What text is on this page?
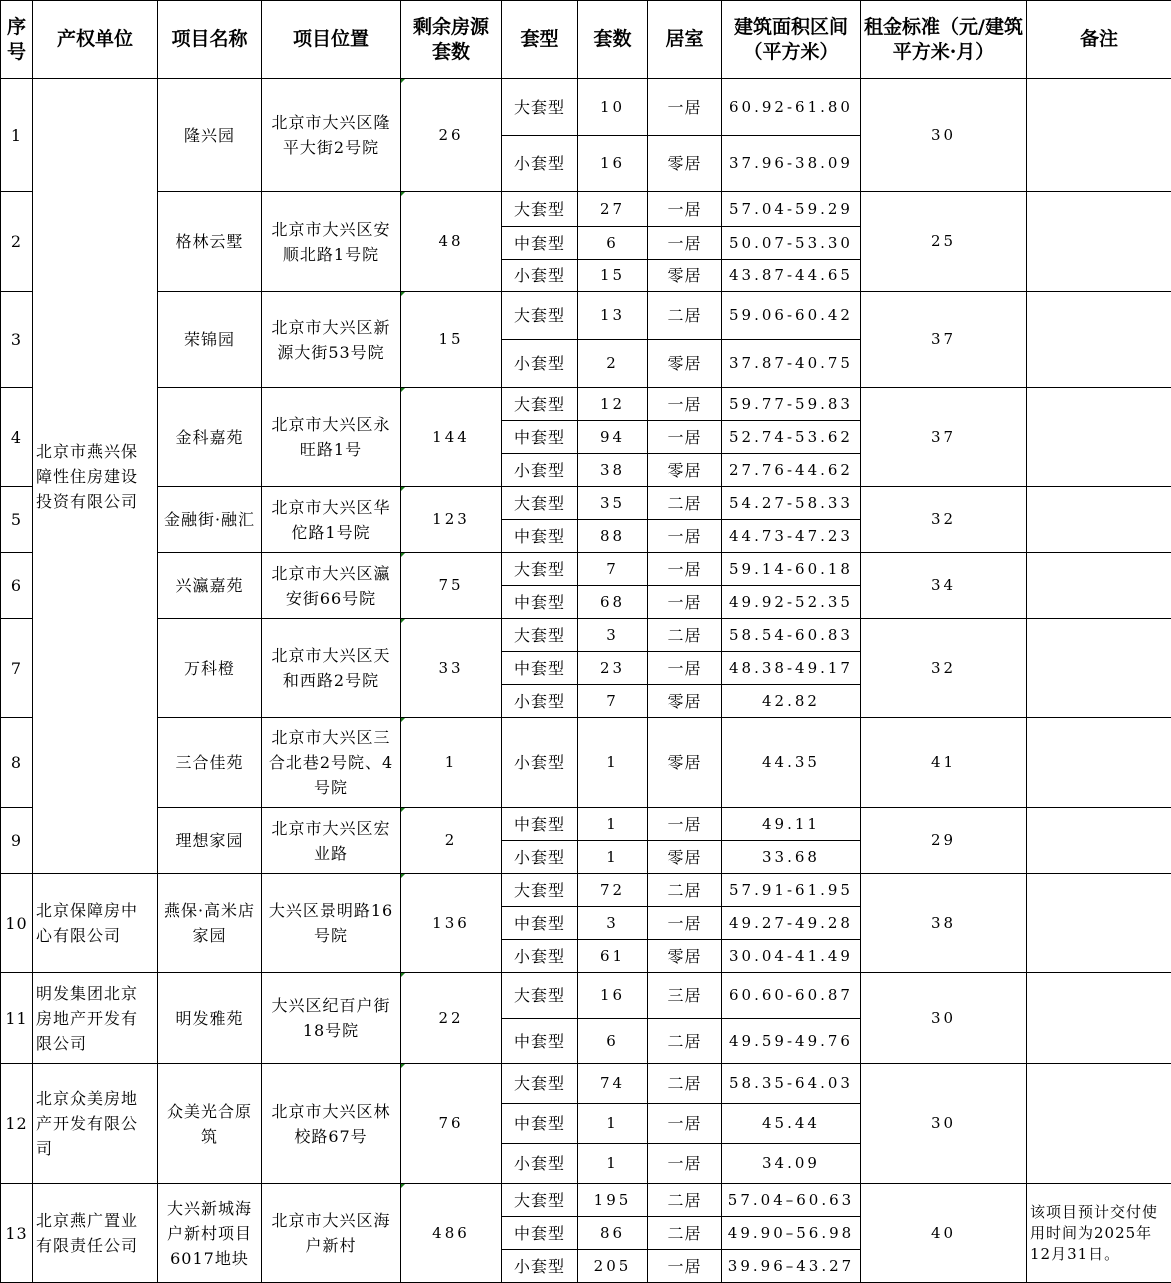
序号	产权单位	项目名称	项目位置	剩余房源套数	套型	套数	居室	建筑面积区间（平方米）	租金标准（元/建筑平方米·月）	备注
1	北京市燕兴保障性住房建设投资有限公司	隆兴园	北京市大兴区隆平大街2号院	26	大套型	10	一居	60.92-61.80	30	
					小套型	16	零居	37.96-38.09		
2		格林云墅	北京市大兴区安顺北路1号院	48	大套型	27	一居	57.04-59.29	25	
					中套型	6	一居	50.07-53.30		
					小套型	15	零居	43.87-44.65		
3		荣锦园	北京市大兴区新源大街53号院	15	大套型	13	二居	59.06-60.42	37	
					小套型	2	零居	37.87-40.75		
4		金科嘉苑	北京市大兴区永旺路1号	144	大套型	12	一居	59.77-59.83	37	
					中套型	94	一居	52.74-53.62		
					小套型	38	零居	27.76-44.62		
5		金融街·融汇	北京市大兴区华佗路1号院	123	大套型	35	二居	54.27-58.33	32	
					中套型	88	一居	44.73-47.23		
6		兴瀛嘉苑	北京市大兴区瀛安街66号院	75	大套型	7	一居	59.14-60.18	34	
					中套型	68	一居	49.92-52.35		
7		万科橙	北京市大兴区天和西路2号院	33	大套型	3	二居	58.54-60.83	32	
					中套型	23	一居	48.38-49.17		
					小套型	7	零居	42.82		
8		三合佳苑	北京市大兴区三合北巷2号院、4号院	1	小套型	1	零居	44.35	41	
9		理想家园	北京市大兴区宏业路	2	中套型	1	一居	49.11	29	
					小套型	1	零居	33.68		
10	北京保障房中心有限公司	燕保·高米店家园	大兴区景明路16号院	136	大套型	72	二居	57.91-61.95	38	
					中套型	3	一居	49.27-49.28		
					小套型	61	零居	30.04-41.49		
11	明发集团北京房地产开发有限公司	明发雅苑	大兴区纪百户街18号院	22	大套型	16	三居	60.60-60.87	30	
					中套型	6	二居	49.59-49.76		
12	北京众美房地产开发有限公司	众美光合原筑	北京市大兴区林校路67号	76	大套型	74	二居	58.35-64.03	30	
					中套型	1	一居	45.44		
					小套型	1	一居	34.09		
13	北京燕广置业有限责任公司	大兴新城海户新村项目6017地块	北京市大兴区海户新村	486	大套型	195	二居	57.04–60.63	40	该项目预计交付使用时间为2025年12月31日。
					中套型	86	二居	49.90–56.98		
					小套型	205	一居	39.96–43.27		
